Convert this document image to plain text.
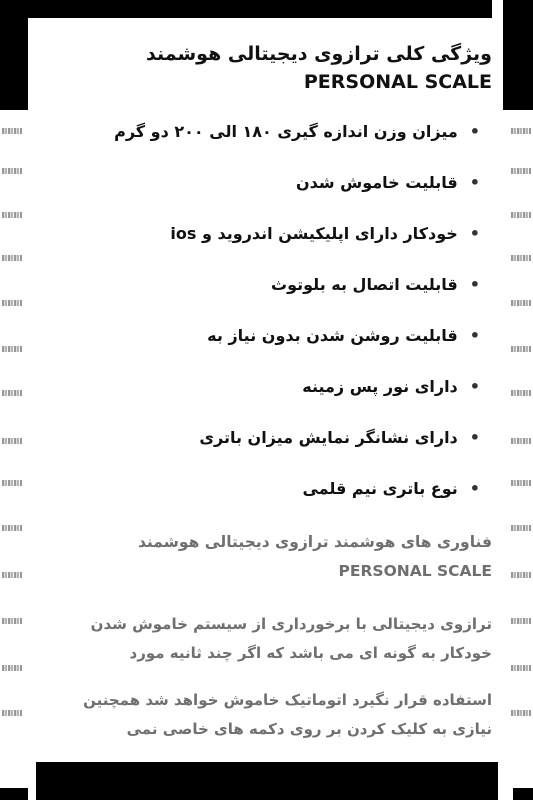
ویژگی کلی ترازوی دیجیتالی هوشمند PERSONAL SCALE
•
میزان وزن اندازه گیری ۱۸۰ الی ۲۰۰ دو گرم
•
قابلیت خاموش شدن
•
خودکار دارای اپلیکیشن اندروید و ios
•
قابلیت اتصال به بلوتوث
•
قابلیت روشن شدن بدون نیاز به
•
دارای نور پس زمینه
•
دارای نشانگر نمایش میزان باتری
•
نوع باتری نیم قلمی
فناوری های هوشمند ترازوی دیجیتالی هوشمند PERSONAL SCALE
ترازوی دیجیتالی با برخورداری از سیستم خاموش شدن خودکار به گونه ای می باشد که اگر چند ثانیه مورد
استفاده قرار نگیرد اتوماتیک خاموش خواهد شد همچنین نیازی به کلیک کردن بر روی دکمه های خاصی نمی
